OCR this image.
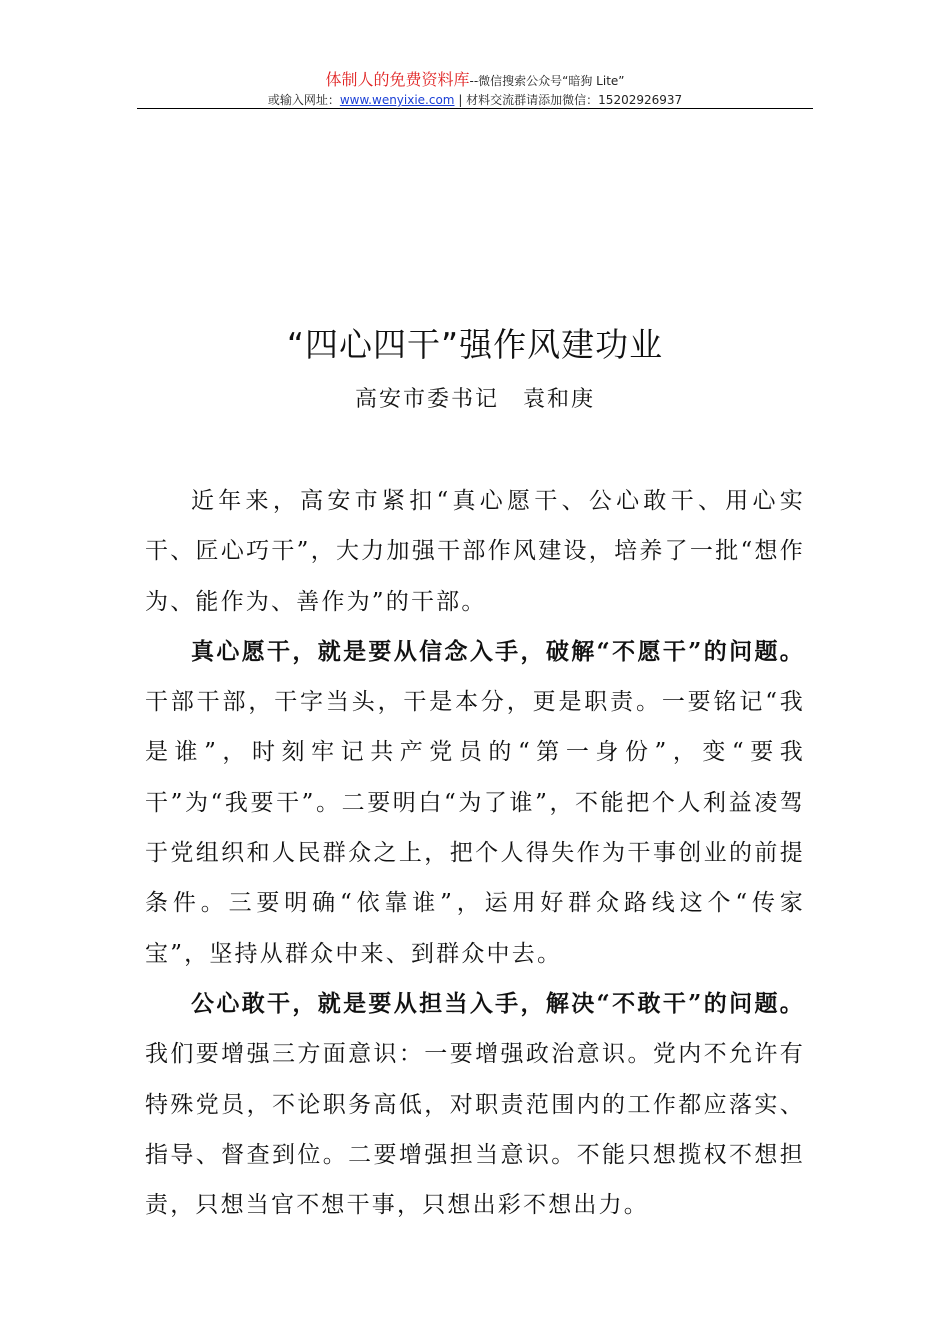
体制人的免费资料库--微信搜索公众号“暗狗 Lite”
或输入网址：www.wenyixie.com | 材料交流群请添加微信：15202926937
“四心四干”强作风建功业
高安市委书记　袁和庚

近年来，高安市紧扣“真心愿干、公心敢干、用心实干、匠心巧干”，大力加强干部作风建设，培养了一批“想作为、能作为、善作为”的干部。

真心愿干，就是要从信念入手，破解“不愿干”的问题。干部干部，干字当头，干是本分，更是职责。一要铭记“我是谁”，时刻牢记共产党员的“第一身份”，变“要我干”为“我要干”。二要明白“为了谁”，不能把个人利益凌驾于党组织和人民群众之上，把个人得失作为干事创业的前提条件。三要明确“依靠谁”，运用好群众路线这个“传家宝”，坚持从群众中来、到群众中去。

公心敢干，就是要从担当入手，解决“不敢干”的问题。我们要增强三方面意识：一要增强政治意识。党内不允许有特殊党员，不论职务高低，对职责范围内的工作都应落实、指导、督查到位。二要增强担当意识。不能只想揽权不想担责，只想当官不想干事，只想出彩不想出力。
